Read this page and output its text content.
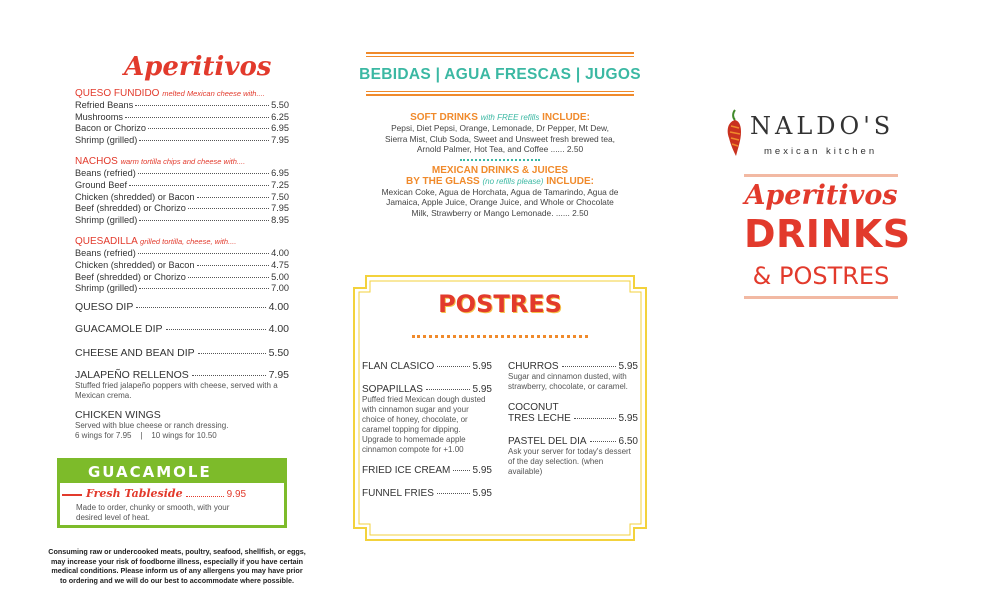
Aperitivos
QUESO FUNDIDO melted Mexican cheese with....
Refried Beans	5.50
Mushrooms	6.25
Bacon or Chorizo	6.95
Shrimp (grilled)	7.95
NACHOS warm tortilla chips and cheese with....
Beans (refried)	6.95
Ground Beef	7.25
Chicken (shredded) or Bacon	7.50
Beef (shredded) or Chorizo	7.95
Shrimp (grilled)	8.95
QUESADILLA grilled tortilla, cheese, with....
Beans (refried)	4.00
Chicken (shredded) or Bacon	4.75
Beef (shredded) or Chorizo	5.00
Shrimp (grilled)	7.00
QUESO DIP	4.00
GUACAMOLE DIP	4.00
CHEESE AND BEAN DIP	5.50
JALAPEÑO RELLENOS	7.95
Stuffed fried jalapeño poppers with cheese, served with a Mexican crema.
CHICKEN WINGS
Served with blue cheese or ranch dressing.
6 wings for 7.95    |    10 wings for 10.50
GUACAMOLE
Fresh Tableside	9.95
Made to order, chunky or smooth, with your desired level of heat.
Consuming raw or undercooked meats, poultry, seafood, shellfish, or eggs, may increase your risk of foodborne illness, especially if you have certain medical conditions. Please inform us of any allergens you may have prior to ordering and we will do our best to accommodate where possible.
BEBIDAS | AGUA FRESCAS | JUGOS
SOFT DRINKS with FREE refills INCLUDE:
Pepsi, Diet Pepsi, Orange, Lemonade, Dr Pepper, Mt Dew, Sierra Mist, Club Soda, Sweet and Unsweet fresh brewed tea, Arnold Palmer, Hot Tea, and Coffee ...... 2.50
MEXICAN DRINKS & JUICES
BY THE GLASS (no refills please) INCLUDE:
Mexican Coke, Agua de Horchata, Agua de Tamarindo, Agua de Jamaica, Apple Juice, Orange Juice, and Whole or Chocolate Milk, Strawberry or Mango Lemonade. ...... 2.50
POSTRES
FLAN CLASICO	5.95
SOPAPILLAS	5.95
Puffed fried Mexican dough dusted with cinnamon sugar and your choice of honey, chocolate, or caramel topping for dipping. Upgrade to homemade apple cinnamon compote for +1.00
FRIED ICE CREAM 5.95
FUNNEL FRIES	5.95
CHURROS	5.95
Sugar and cinnamon dusted, with strawberry, chocolate, or caramel.
COCONUT
TRES LECHE	5.95
PASTEL DEL DIA	6.50
Ask your server for today's dessert of the day selection. (when available)
NALDO'S
mexican kitchen
Aperitivos
DRINKS
& POSTRES
